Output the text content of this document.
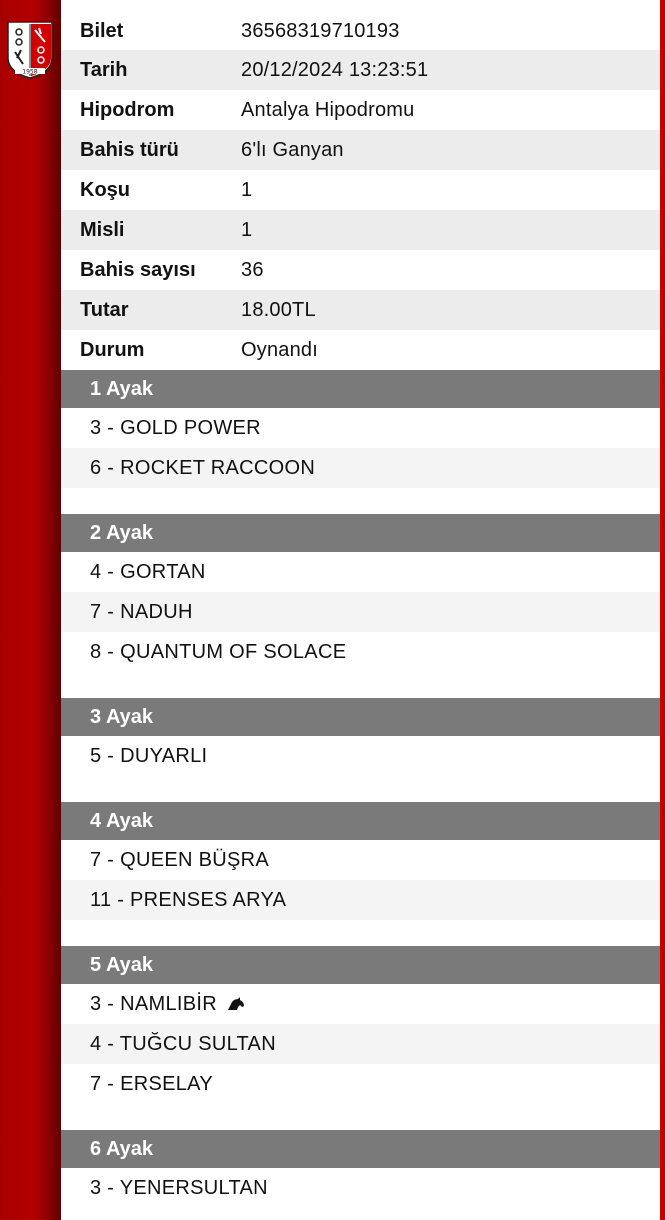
1958
Bilet	36568319710193
Tarih	20/12/2024 13:23:51
Hipodrom	Antalya Hipodromu
Bahis türü	6'lı Ganyan
Koşu	1
Misli	1
Bahis sayısı	36
Tutar	18.00TL
Durum	Oynandı
1 Ayak
3 - GOLD POWER
6 - ROCKET RACCOON
2 Ayak
4 - GORTAN
7 - NADUH
8 - QUANTUM OF SOLACE
3 Ayak
5 - DUYARLI
4 Ayak
7 - QUEEN BÜŞRA
11 - PRENSES ARYA
5 Ayak
3 - NAMLIBİR
4 - TUĞCU SULTAN
7 - ERSELAY
6 Ayak
3 - YENERSULTAN
